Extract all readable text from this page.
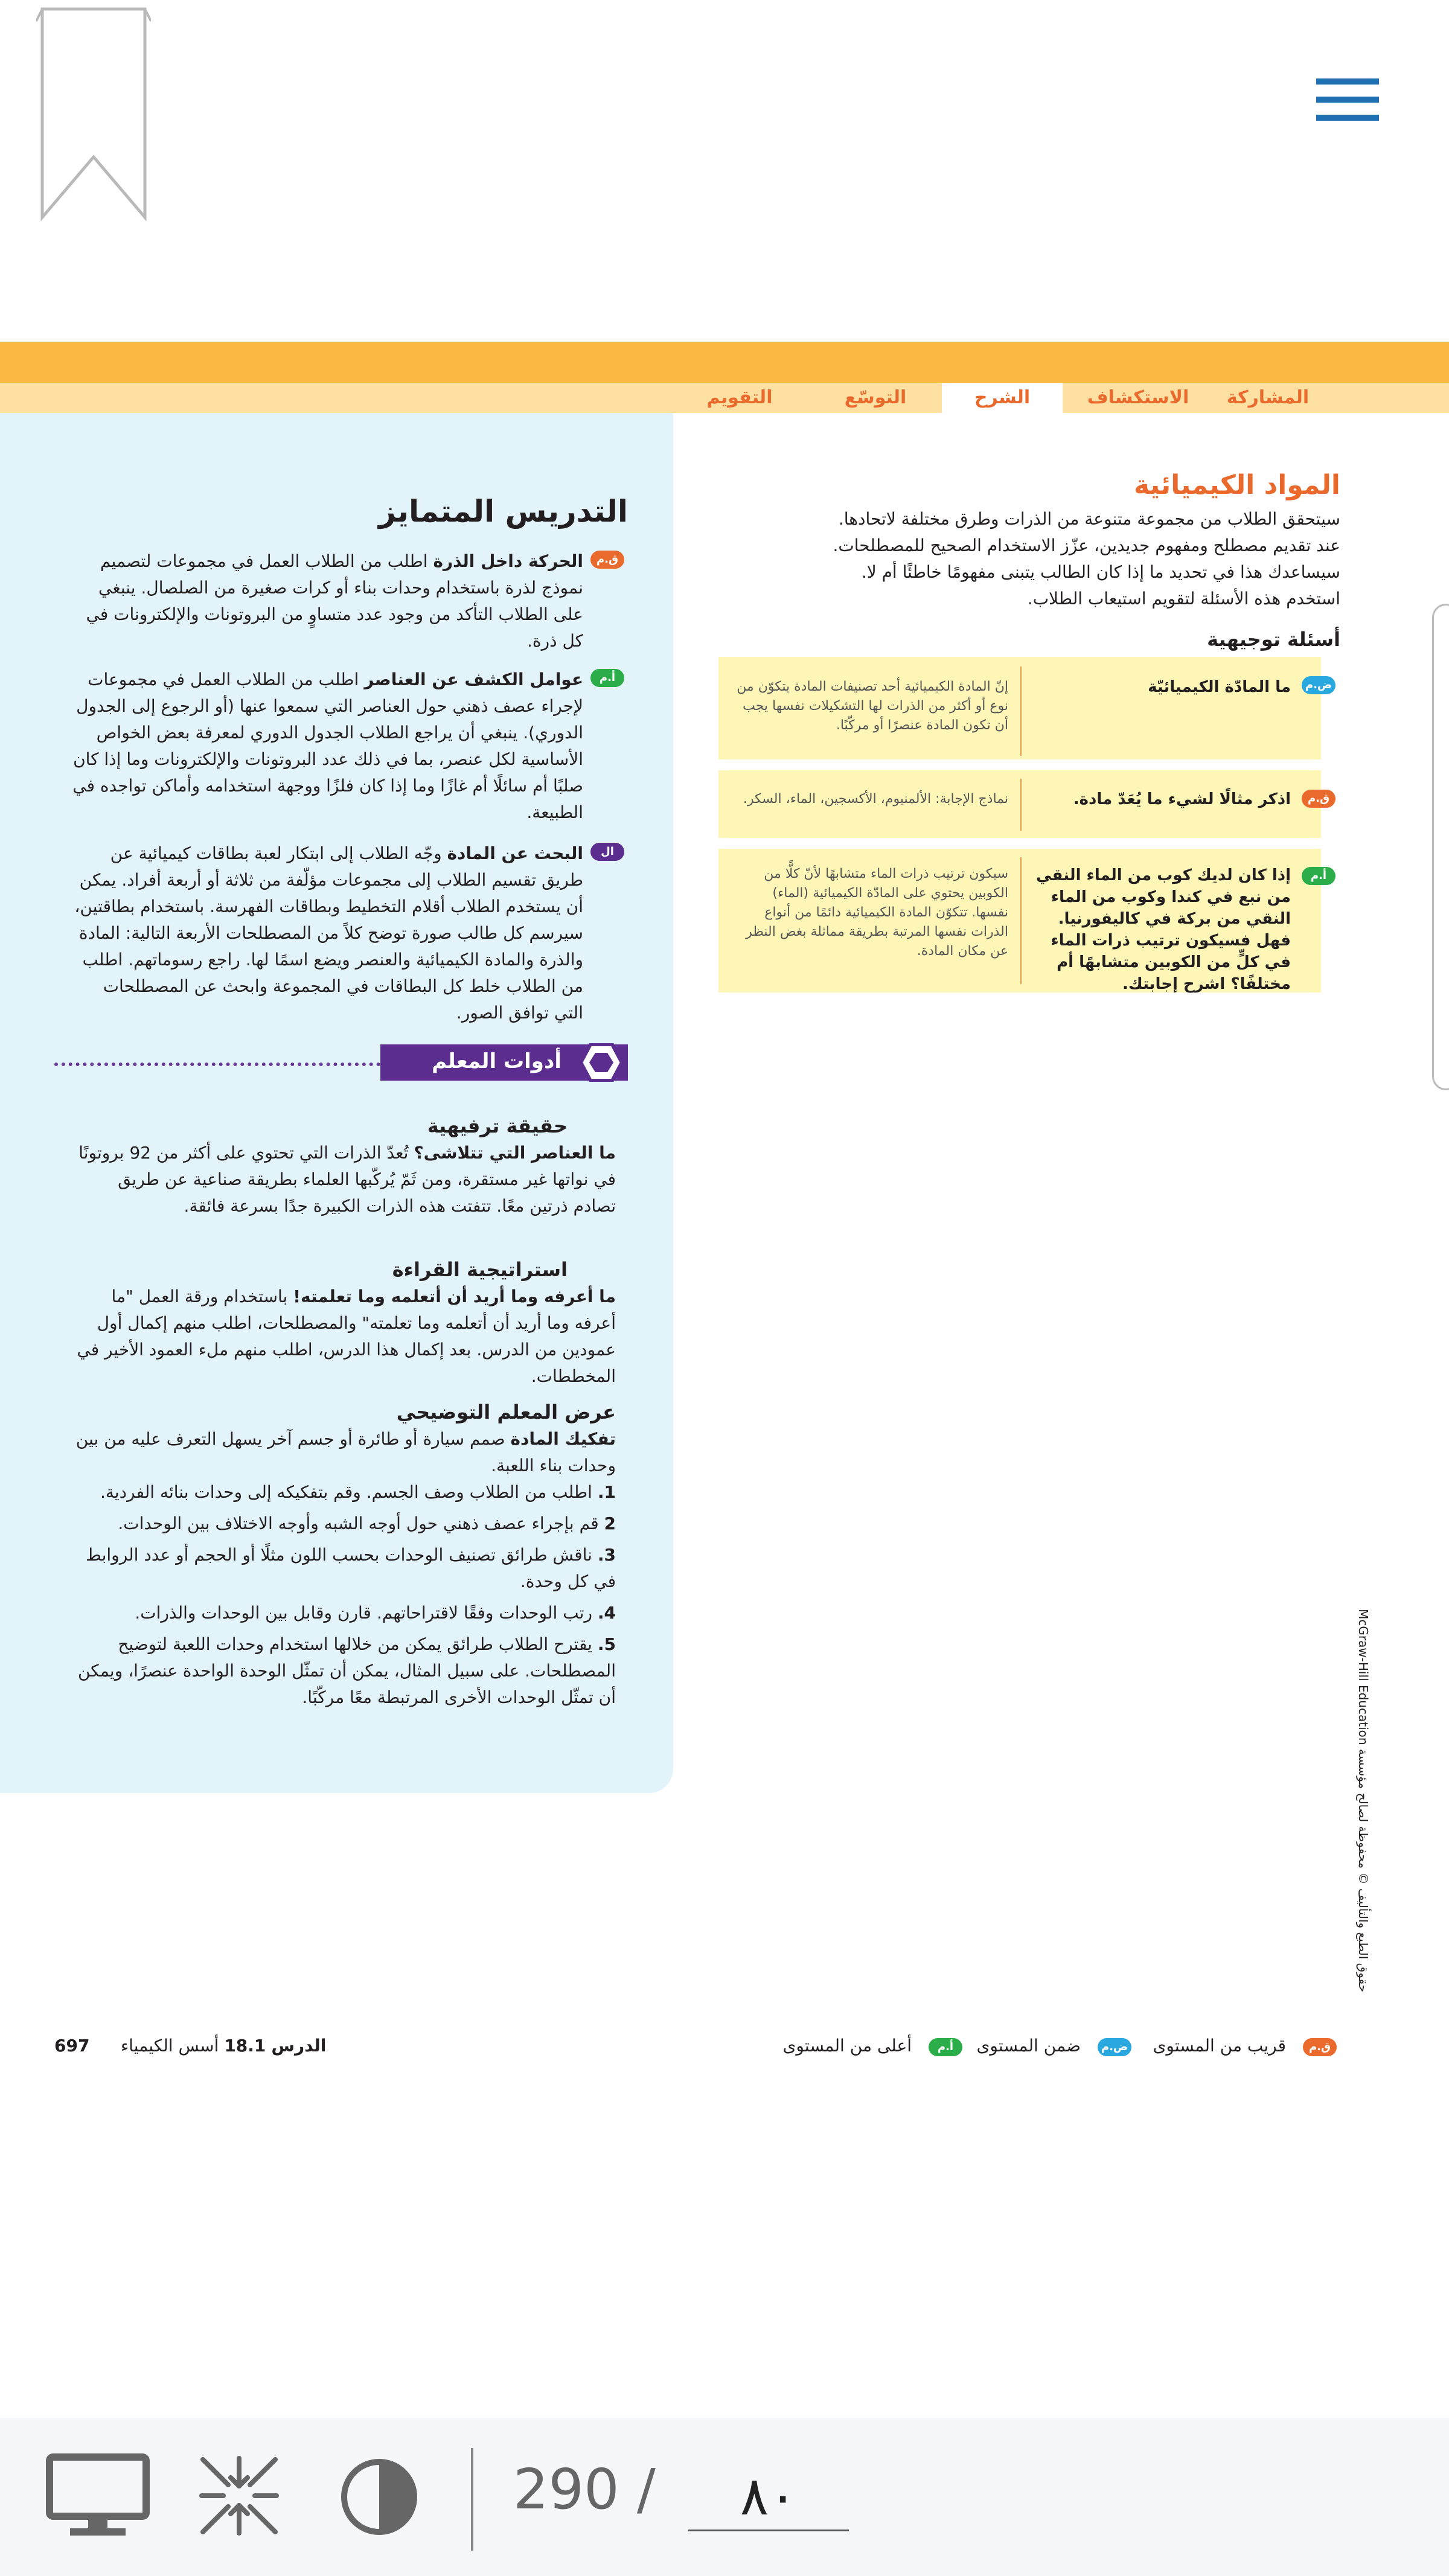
المشاركة
الاستكشاف
الشرح
التوسّع
التقويم
المواد الكيميائية
سيتحقق الطلاب من مجموعة متنوعة من الذرات وطرق مختلفة لاتحادها.
عند تقديم مصطلح ومفهوم جديدين، عزّز الاستخدام الصحيح للمصطلحات.
سيساعدك هذا في تحديد ما إذا كان الطالب يتبنى مفهومًا خاطئًا أم لا.
استخدم هذه الأسئلة لتقويم استيعاب الطلاب.
أسئلة توجيهية
ما المادّة الكيميائيّة
إنّ المادة الكيميائية أحد تصنيفات المادة يتكوّن من نوع أو أكثر من الذرات لها التشكيلات نفسها يجب أن تكون المادة عنصرًا أو مركّبًا.
ض.م
اذكر مثالًا لشيء ما يُعَدّ مادة.
نماذج الإجابة: الألمنيوم، الأكسجين، الماء، السكر.	ق.م
إذا كان لديك كوب من الماء النقي من نبع في كندا وكوب من الماء النقي من بركة في كاليفورنيا. فهل فسيكون ترتيب ذرات الماء في كلٍّ من الكوبين متشابهًا أم مختلفًا؟ اشرح إجابتك.
سيكون ترتيب ذرات الماء متشابهًا لأنّ كلًّا من الكوبين يحتوي على المادّة الكيميائية (الماء) نفسها. تتكوّن المادة الكيميائية دائمًا من أنواع الذرات نفسها المرتبة بطريقة مماثلة بغض النظر عن مكان المادة.
أ.م
التدريس المتمايز
ق.م
الحركة داخل الذرة اطلب من الطلاب العمل في مجموعات لتصميم نموذج لذرة باستخدام وحدات بناء أو كرات صغيرة من الصلصال. ينبغي على الطلاب التأكد من وجود عدد متساوٍ من البروتونات والإلكترونات في كل ذرة.
أ.م
عوامل الكشف عن العناصر اطلب من الطلاب العمل في مجموعات لإجراء عصف ذهني حول العناصر التي سمعوا عنها (أو الرجوع إلى الجدول الدوري). ينبغي أن يراجع الطلاب الجدول الدوري لمعرفة بعض الخواص الأساسية لكل عنصر، بما في ذلك عدد البروتونات والإلكترونات وما إذا كان صلبًا أم سائلًا أم غازًا وما إذا كان فلزًا ووجهة استخدامه وأماكن تواجده في الطبيعة.
ال
البحث عن المادة وجّه الطلاب إلى ابتكار لعبة بطاقات كيميائية عن طريق تقسيم الطلاب إلى مجموعات مؤلّفة من ثلاثة أو أربعة أفراد. يمكن أن يستخدم الطلاب أقلام التخطيط وبطاقات الفهرسة. باستخدام بطاقتين، سيرسم كل طالب صورة توضح كلاً من المصطلحات الأربعة التالية: المادة والذرة والمادة الكيميائية والعنصر ويضع اسمًا لها. راجع رسوماتهم. اطلب من الطلاب خلط كل البطاقات في المجموعة وابحث عن المصطلحات التي توافق الصور.
أدوات المعلم
حقيقة ترفيهية
ما العناصر التي تتلاشى؟ تُعدّ الذرات التي تحتوي على أكثر من 92 بروتونًا في نواتها غير مستقرة، ومن ثَمّ يُركّبها العلماء بطريقة صناعية عن طريق تصادم ذرتين معًا. تتفتت هذه الذرات الكبيرة جدًا بسرعة فائقة.
استراتيجية القراءة
ما أعرفه وما أريد أن أتعلمه وما تعلمته! باستخدام ورقة العمل "ما أعرفه وما أريد أن أتعلمه وما تعلمته" والمصطلحات، اطلب منهم إكمال أول عمودين من الدرس. بعد إكمال هذا الدرس، اطلب منهم ملء العمود الأخير في المخططات.
عرض المعلم التوضيحي
تفكيك المادة صمم سيارة أو طائرة أو جسم آخر يسهل التعرف عليه من بين وحدات بناء اللعبة.
1. اطلب من الطلاب وصف الجسم. وقم بتفكيكه إلى وحدات بنائه الفردية.
2 قم بإجراء عصف ذهني حول أوجه الشبه وأوجه الاختلاف بين الوحدات.
3. ناقش طرائق تصنيف الوحدات بحسب اللون مثلًا أو الحجم أو عدد الروابط في كل وحدة.
4. رتب الوحدات وفقًا لاقتراحاتهم. قارن وقابل بين الوحدات والذرات.
5. يقترح الطلاب طرائق يمكن من خلالها استخدام وحدات اللعبة لتوضيح المصطلحات. على سبيل المثال، يمكن أن تمثّل الوحدة الواحدة عنصرًا، ويمكن أن تمثّل الوحدات الأخرى المرتبطة معًا مركّبًا.	حقوق الطبع والتأليف © محفوظة لصالح مؤسسة McGraw-Hill Education
ق.م
قريب من المستوى
ض.م
ضمن المستوى
أ.م
أعلى من المستوى
697	الدرس 18.1 أسس الكيمياء
290 /	٨٠
